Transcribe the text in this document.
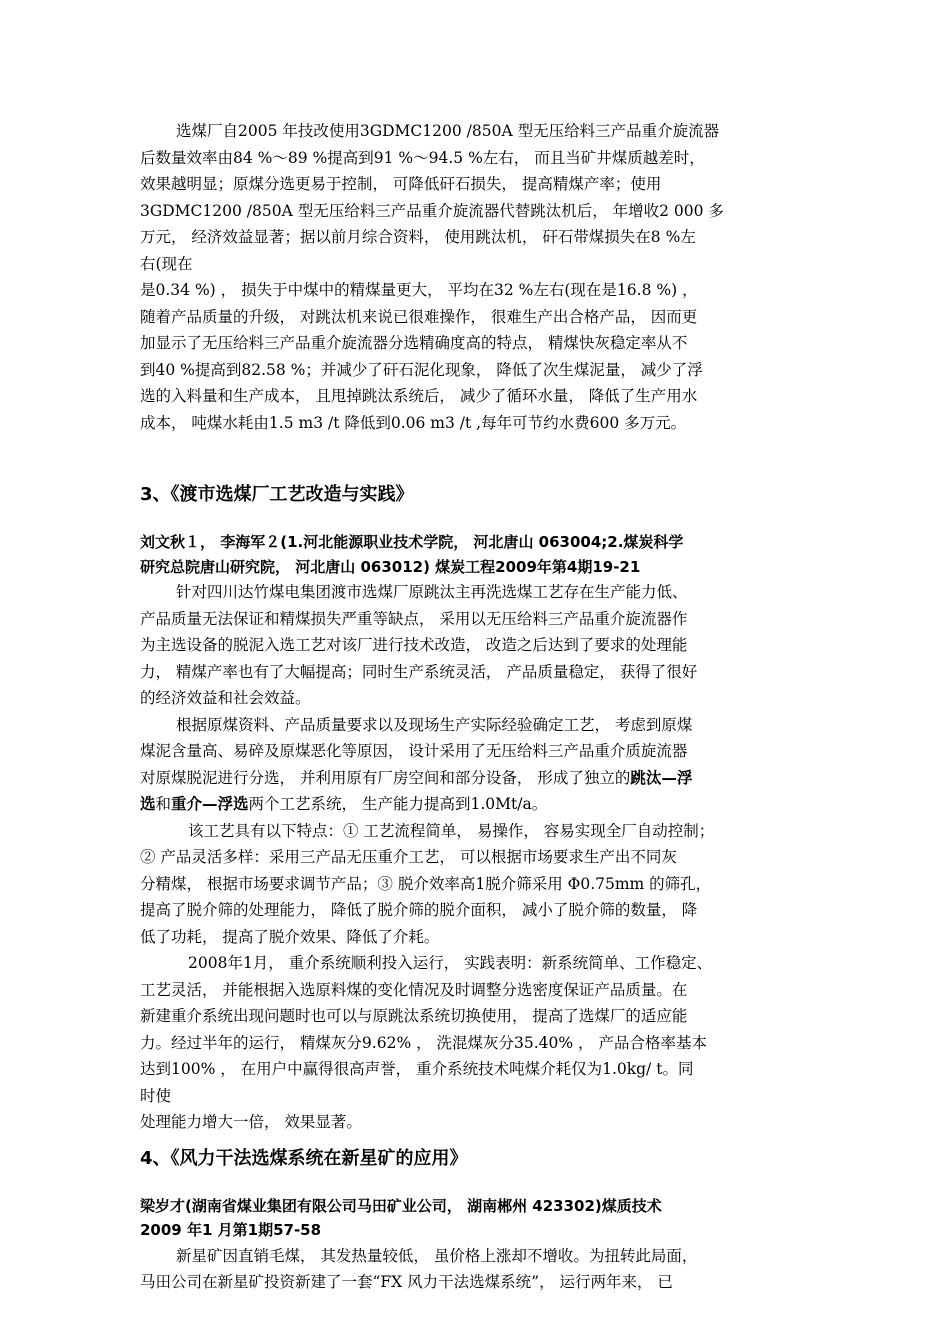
选煤厂自2005 年技改使用3GDMC1200 /850A 型无压给料三产品重介旋流器

后数量效率由84 %～89 %提高到91 %～94.5 %左右， 而且当矿井煤质越差时，

效果越明显；原煤分选更易于控制， 可降低矸石损失， 提高精煤产率；使用

3GDMC1200 /850A 型无压给料三产品重介旋流器代替跳汰机后， 年增收2 000 多

万元， 经济效益显著；据以前月综合资料， 使用跳汰机， 矸石带煤损失在8 %左

右(现在

是0.34 %) ， 损失于中煤中的精煤量更大， 平均在32 %左右(现在是16.8 %) ，

随着产品质量的升级， 对跳汰机来说已很难操作， 很难生产出合格产品， 因而更

加显示了无压给料三产品重介旋流器分选精确度高的特点， 精煤快灰稳定率从不

到40 %提高到82.58 %；并减少了矸石泥化现象， 降低了次生煤泥量， 减少了浮

选的入料量和生产成本， 且甩掉跳汰系统后， 减少了循环水量， 降低了生产用水

成本， 吨煤水耗由1.5 m3 /t 降低到0.06 m3 /t ,每年可节约水费600 多万元。

3、《渡市选煤厂工艺改造与实践》

刘文秋１， 李海军２(1.河北能源职业技术学院， 河北唐山 063004;2.煤炭科学

研究总院唐山研究院， 河北唐山 063012) 煤炭工程2009年第4期19-21

针对四川达竹煤电集团渡市选煤厂原跳汰主再洗选煤工艺存在生产能力低、

产品质量无法保证和精煤损失严重等缺点， 采用以无压给料三产品重介旋流器作

为主选设备的脱泥入选工艺对该厂进行技术改造， 改造之后达到了要求的处理能

力， 精煤产率也有了大幅提高；同时生产系统灵活， 产品质量稳定， 获得了很好

的经济效益和社会效益。

根据原煤资料、产品质量要求以及现场生产实际经验确定工艺， 考虑到原煤

煤泥含量高、易碎及原煤恶化等原因， 设计采用了无压给料三产品重介质旋流器

对原煤脱泥进行分选， 并利用原有厂房空间和部分设备， 形成了独立的跳汰—浮

选和重介—浮选两个工艺系统， 生产能力提高到1.0Mt/a。

该工艺具有以下特点：① 工艺流程简单， 易操作， 容易实现全厂自动控制；

② 产品灵活多样：采用三产品无压重介工艺， 可以根据市场要求生产出不同灰

分精煤， 根据市场要求调节产品；③ 脱介效率高1脱介筛采用 Φ0.75mm 的筛孔，

提高了脱介筛的处理能力， 降低了脱介筛的脱介面积， 减小了脱介筛的数量， 降

低了功耗， 提高了脱介效果、降低了介耗。

2008年1月， 重介系统顺利投入运行， 实践表明：新系统简单、工作稳定、

工艺灵活， 并能根据入选原料煤的变化情况及时调整分选密度保证产品质量。在

新建重介系统出现问题时也可以与原跳汰系统切换使用， 提高了选煤厂的适应能

力。经过半年的运行， 精煤灰分9.62% ， 洗混煤灰分35.40% ， 产品合格率基本

达到100% ， 在用户中赢得很高声誉， 重介系统技术吨煤介耗仅为1.0kg/ t。同

时使

处理能力增大一倍， 效果显著。

4、《风力干法选煤系统在新星矿的应用》

梁岁才(湖南省煤业集团有限公司马田矿业公司， 湖南郴州 423302)煤质技术

2009 年1 月第1期57-58

新星矿因直销毛煤， 其发热量较低， 虽价格上涨却不增收。为扭转此局面，

马田公司在新星矿投资新建了一套“FX 风力干法选煤系统”， 运行两年来， 已
